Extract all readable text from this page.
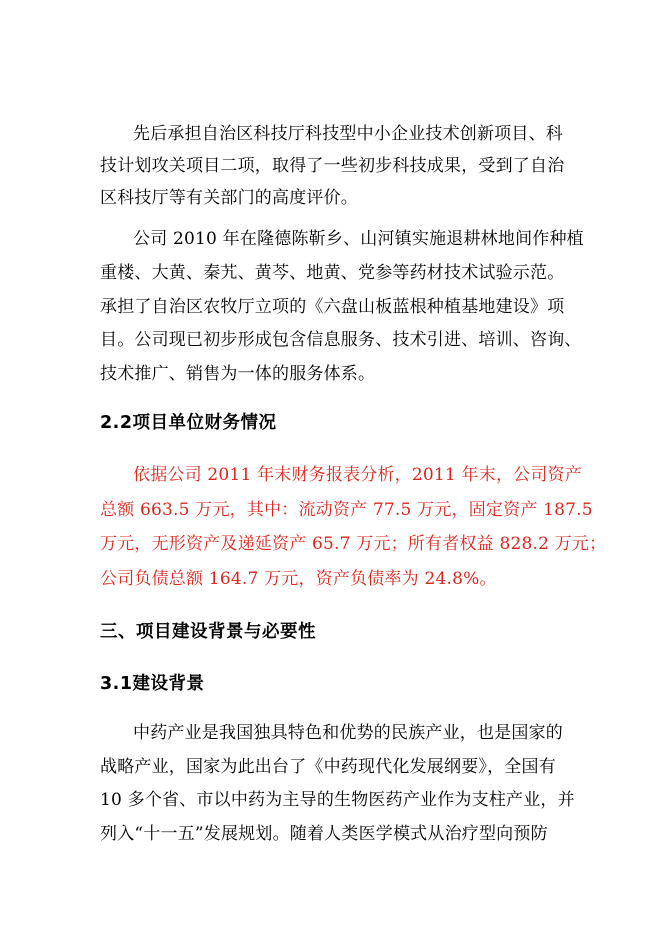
先后承担自治区科技厅科技型中小企业技术创新项目、科
技计划攻关项目二项，取得了一些初步科技成果，受到了自治
区科技厅等有关部门的高度评价。
公司 2010 年在隆德陈靳乡、山河镇实施退耕林地间作种植
重楼、大黄、秦艽、黄芩、地黄、党参等药材技术试验示范。
承担了自治区农牧厅立项的《六盘山板蓝根种植基地建设》项
目。公司现已初步形成包含信息服务、技术引进、培训、咨询、
技术推广、销售为一体的服务体系。
2.2项目单位财务情况
依据公司 2011 年末财务报表分析，2011 年末，公司资产
总额 663.5 万元，其中：流动资产 77.5 万元，固定资产 187.5
万元，无形资产及递延资产 65.7 万元；所有者权益 828.2 万元；
公司负债总额 164.7 万元，资产负债率为 24.8%。
三、项目建设背景与必要性
3.1建设背景
中药产业是我国独具特色和优势的民族产业，也是国家的
战略产业，国家为此出台了《中药现代化发展纲要》，全国有
10 多个省、市以中药为主导的生物医药产业作为支柱产业，并
列入“十一五”发展规划。随着人类医学模式从治疗型向预防
